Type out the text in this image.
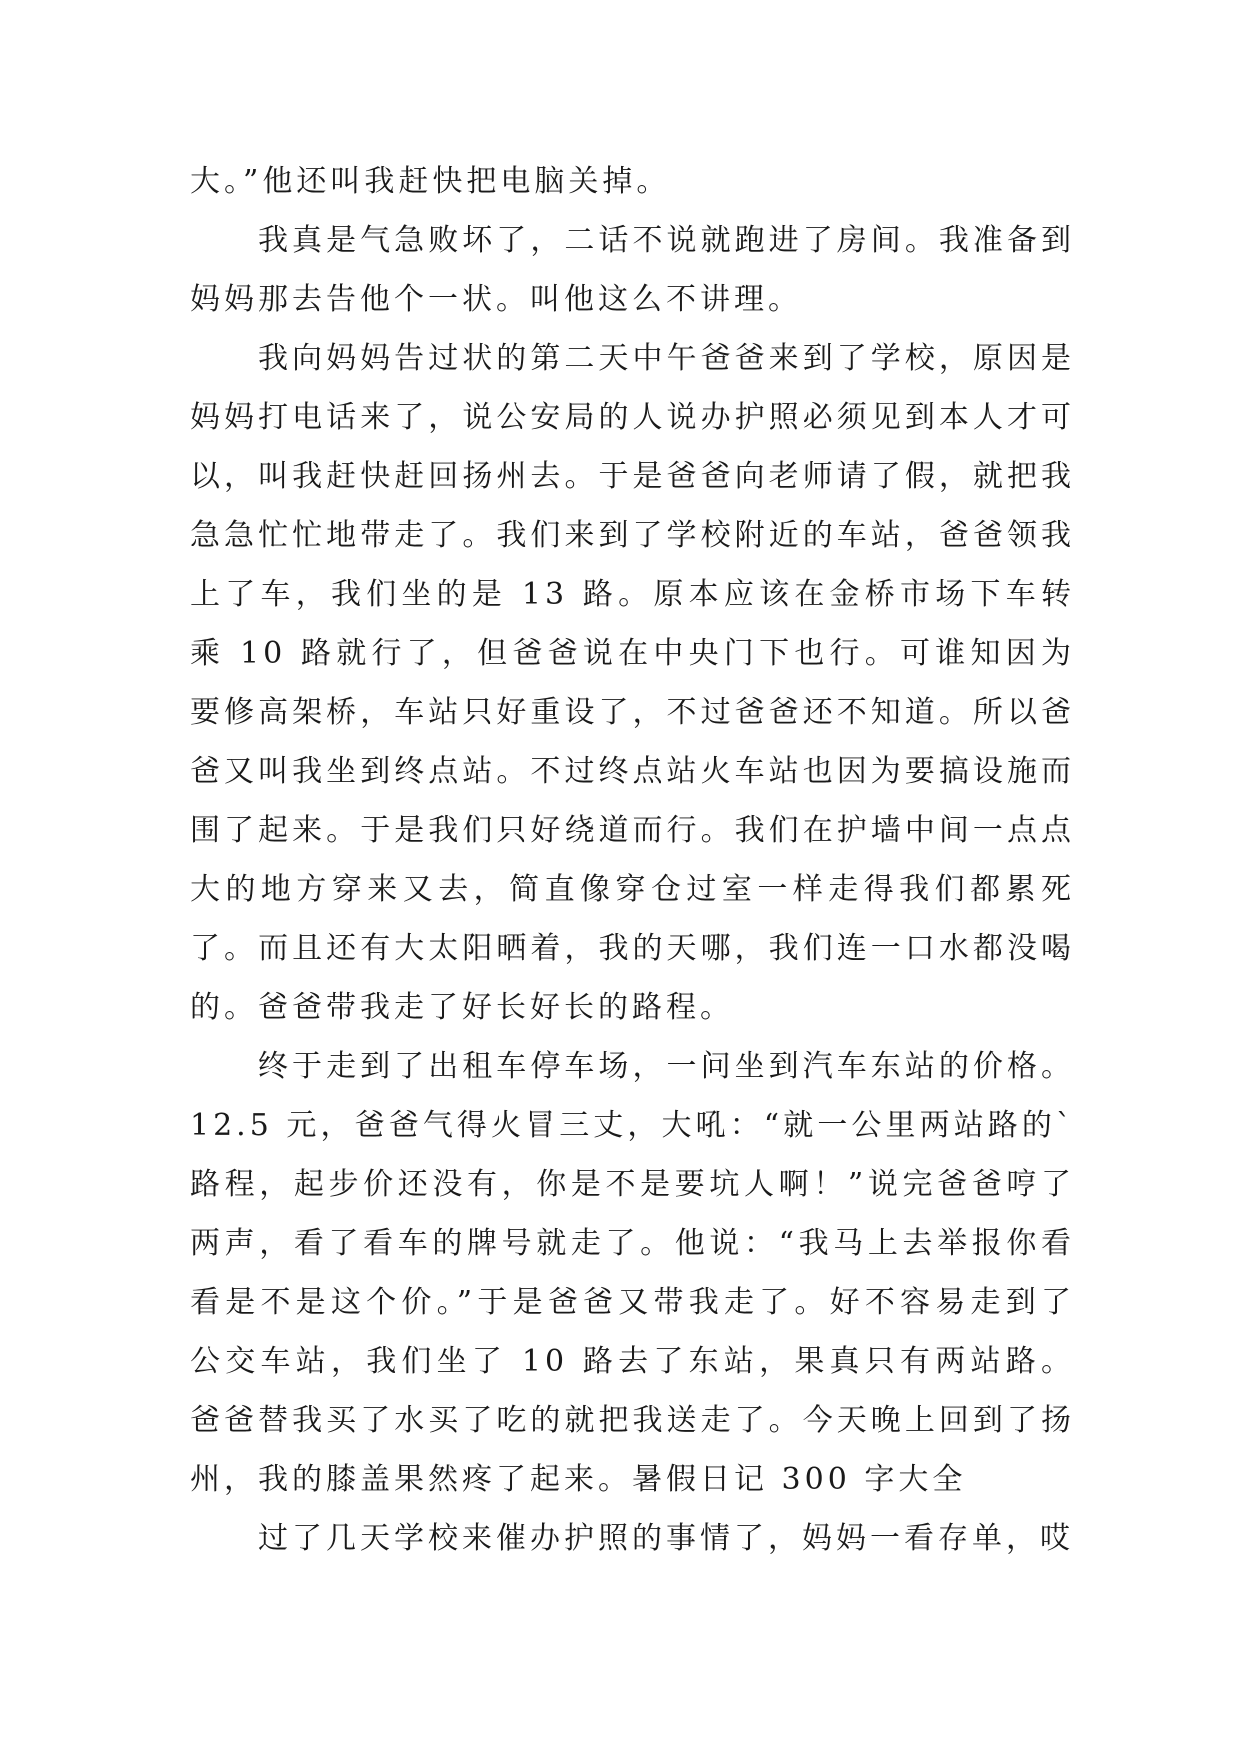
大。”他还叫我赶快把电脑关掉。

我真是气急败坏了，二话不说就跑进了房间。我准备到妈妈那去告他个一状。叫他这么不讲理。

我向妈妈告过状的第二天中午爸爸来到了学校，原因是妈妈打电话来了，说公安局的人说办护照必须见到本人才可以，叫我赶快赶回扬州去。于是爸爸向老师请了假，就把我急急忙忙地带走了。我们来到了学校附近的车站，爸爸领我上了车，我们坐的是 13 路。原本应该在金桥市场下车转乘 10 路就行了，但爸爸说在中央门下也行。可谁知因为要修高架桥，车站只好重设了，不过爸爸还不知道。所以爸爸又叫我坐到终点站。不过终点站火车站也因为要搞设施而围了起来。于是我们只好绕道而行。我们在护墙中间一点点大的地方穿来又去，简直像穿仓过室一样走得我们都累死了。而且还有大太阳晒着，我的天哪，我们连一口水都没喝的。爸爸带我走了好长好长的路程。

终于走到了出租车停车场，一问坐到汽车东站的价格。12.5 元，爸爸气得火冒三丈，大吼：“就一公里两站路的`路程，起步价还没有，你是不是要坑人啊！”说完爸爸哼了两声，看了看车的牌号就走了。他说：“我马上去举报你看看是不是这个价。”于是爸爸又带我走了。好不容易走到了公交车站，我们坐了 10 路去了东站，果真只有两站路。爸爸替我买了水买了吃的就把我送走了。今天晚上回到了扬州，我的膝盖果然疼了起来。暑假日记 300 字大全

过了几天学校来催办护照的事情了，妈妈一看存单，哎
